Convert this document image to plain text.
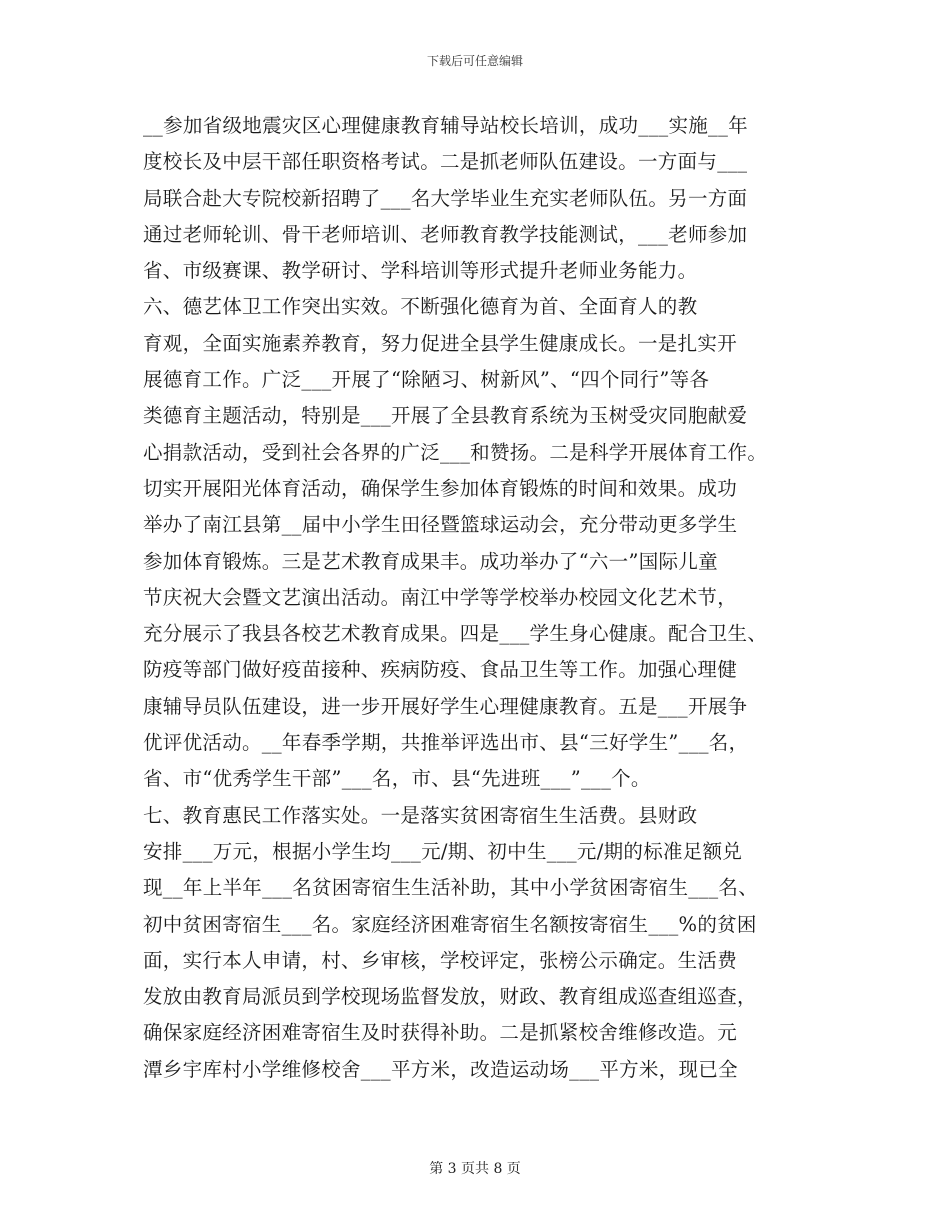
下载后可任意编辑
__参加省级地震灾区心理健康教育辅导站校长培训，成功___实施__年
度校长及中层干部任职资格考试。二是抓老师队伍建设。一方面与___
局联合赴大专院校新招聘了___名大学毕业生充实老师队伍。另一方面
通过老师轮训、骨干老师培训、老师教育教学技能测试，___老师参加
省、市级赛课、教学研讨、学科培训等形式提升老师业务能力。
六、德艺体卫工作突出实效。不断强化德育为首、全面育人的教
育观，全面实施素养教育，努力促进全县学生健康成长。一是扎实开
展德育工作。广泛___开展了“除陋习、树新风”、“四个同行”等各
类德育主题活动，特别是___开展了全县教育系统为玉树受灾同胞献爱
心捐款活动，受到社会各界的广泛___和赞扬。二是科学开展体育工作。
切实开展阳光体育活动，确保学生参加体育锻炼的时间和效果。成功
举办了南江县第__届中小学生田径暨篮球运动会，充分带动更多学生
参加体育锻炼。三是艺术教育成果丰。成功举办了“六一”国际儿童
节庆祝大会暨文艺演出活动。南江中学等学校举办校园文化艺术节，
充分展示了我县各校艺术教育成果。四是___学生身心健康。配合卫生、
防疫等部门做好疫苗接种、疾病防疫、食品卫生等工作。加强心理健
康辅导员队伍建设，进一步开展好学生心理健康教育。五是___开展争
优评优活动。__年春季学期，共推举评选出市、县“三好学生”___名，
省、市“优秀学生干部”___名，市、县“先进班___”___个。
七、教育惠民工作落实处。一是落实贫困寄宿生生活费。县财政
安排___万元，根据小学生均___元/期、初中生___元/期的标准足额兑
现__年上半年___名贫困寄宿生生活补助，其中小学贫困寄宿生___名、
初中贫困寄宿生___名。家庭经济困难寄宿生名额按寄宿生___%的贫困
面，实行本人申请，村、乡审核，学校评定，张榜公示确定。生活费
发放由教育局派员到学校现场监督发放，财政、教育组成巡查组巡查，
确保家庭经济困难寄宿生及时获得补助。二是抓紧校舍维修改造。元
潭乡宇库村小学维修校舍___平方米，改造运动场___平方米，现已全
第 3 页共 8 页
